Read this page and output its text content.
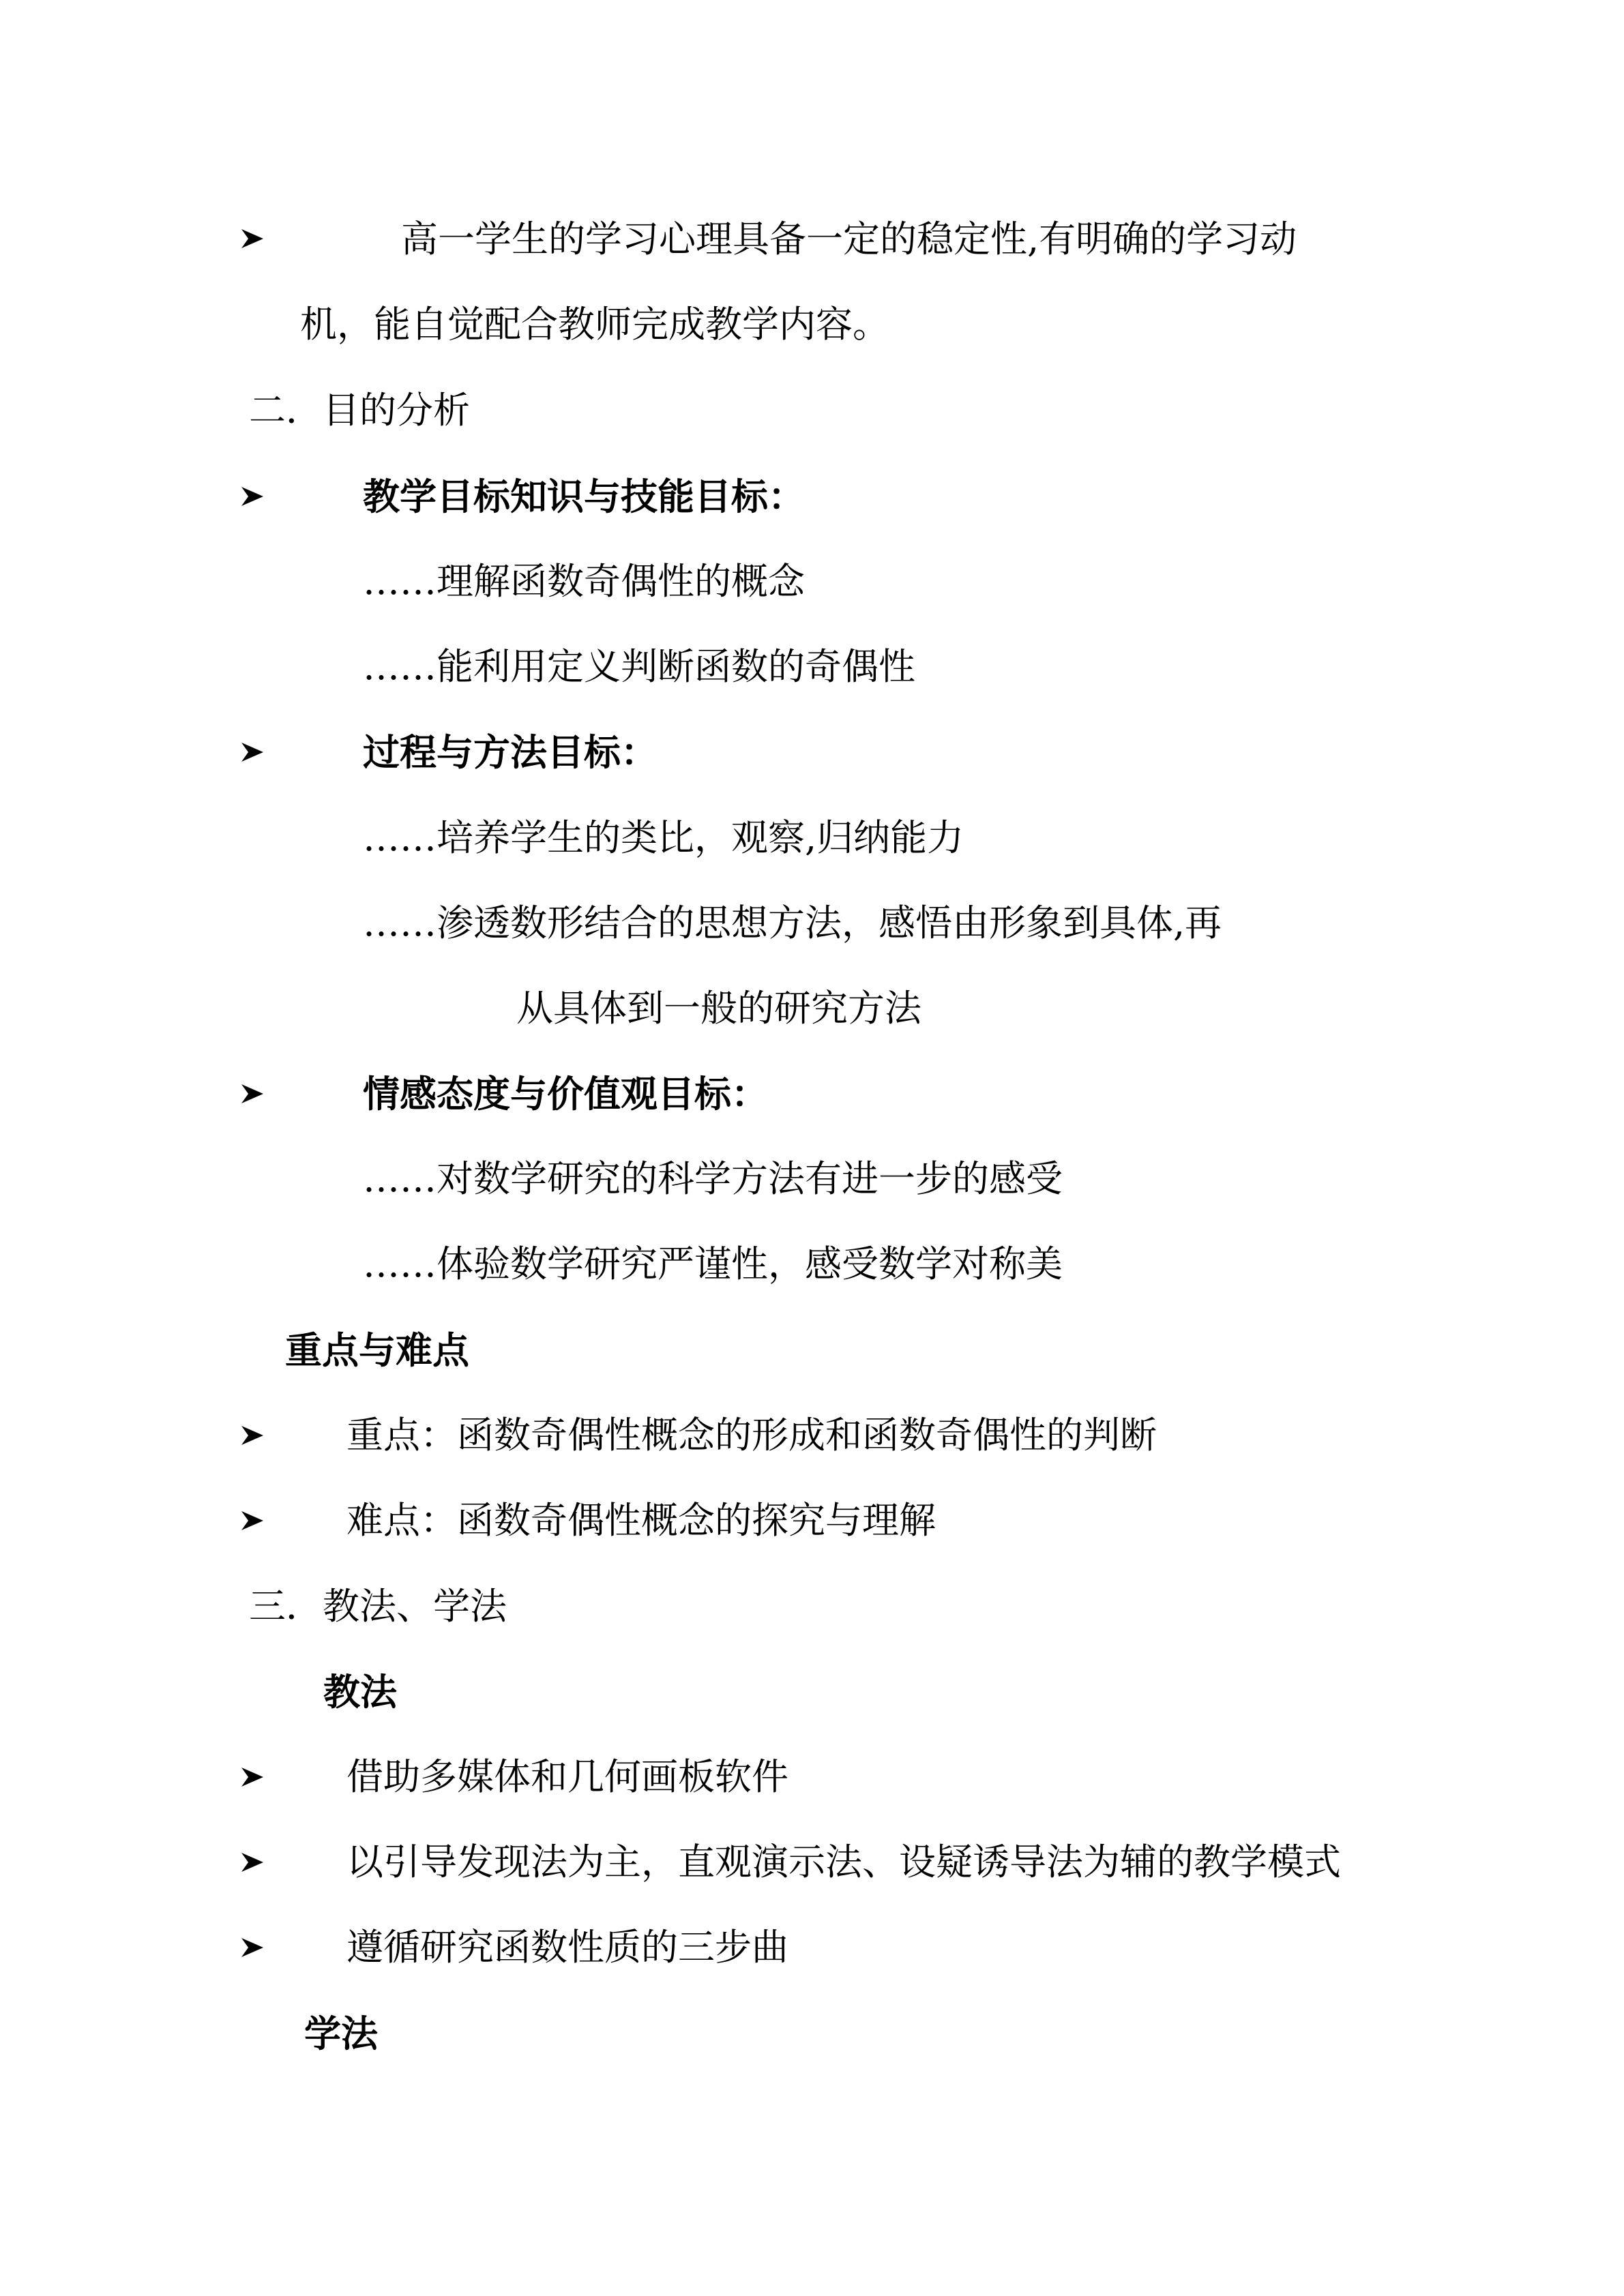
高一学生的学习心理具备一定的稳定性,有明确的学习动
机，能自觉配合教师完成教学内容。
二．目的分析
教学目标知识与技能目标：
……理解函数奇偶性的概念
……能利用定义判断函数的奇偶性
过程与方法目标：
……培养学生的类比，观察,归纳能力
……渗透数形结合的思想方法，感悟由形象到具体,再
从具体到一般的研究方法
情感态度与价值观目标：
……对数学研究的科学方法有进一步的感受
……体验数学研究严谨性，感受数学对称美
重点与难点
重点：函数奇偶性概念的形成和函数奇偶性的判断
难点：函数奇偶性概念的探究与理解
三．教法、学法
教法
借助多媒体和几何画板软件
以引导发现法为主，直观演示法、设疑诱导法为辅的教学模式
遵循研究函数性质的三步曲
学法
